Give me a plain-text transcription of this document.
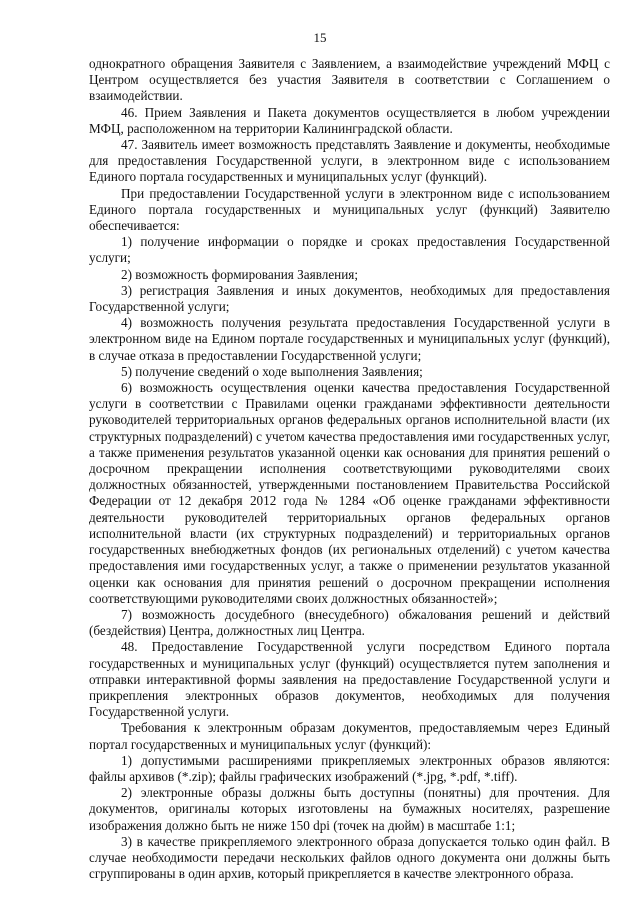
15

однократного обращения Заявителя с Заявлением, а взаимодействие учреждений МФЦ с Центром осуществляется без участия Заявителя в соответствии с Соглашением о взаимодействии.

46. Прием Заявления и Пакета документов осуществляется в любом учреждении МФЦ, расположенном на территории Калининградской области.

47. Заявитель имеет возможность представлять Заявление и документы, необходимые для предоставления Государственной услуги, в электронном виде с использованием Единого портала государственных и муниципальных услуг (функций).

При предоставлении Государственной услуги в электронном виде с использованием Единого портала государственных и муниципальных услуг (функций) Заявителю обеспечивается:

1) получение информации о порядке и сроках предоставления Государственной услуги;

2) возможность формирования Заявления;

3) регистрация Заявления и иных документов, необходимых для предоставления Государственной услуги;

4) возможность получения результата предоставления Государственной услуги в электронном виде на Едином портале государственных и муниципальных услуг (функций), в случае отказа в предоставлении Государственной услуги;

5) получение сведений о ходе выполнения Заявления;

6) возможность осуществления оценки качества предоставления Государственной услуги в соответствии с Правилами оценки гражданами эффективности деятельности руководителей территориальных органов федеральных органов исполнительной власти (их структурных подразделений) с учетом качества предоставления ими государственных услуг, а также применения результатов указанной оценки как основания для принятия решений о досрочном прекращении исполнения соответствующими руководителями своих должностных обязанностей, утвержденными постановлением Правительства Российской Федерации от 12 декабря 2012 года № 1284 «Об оценке гражданами эффективности деятельности руководителей территориальных органов федеральных органов исполнительной власти (их структурных подразделений) и территориальных органов государственных внебюджетных фондов (их региональных отделений) с учетом качества предоставления ими государственных услуг, а также о применении результатов указанной оценки как основания для принятия решений о досрочном прекращении исполнения соответствующими руководителями своих должностных обязанностей»;

7) возможность досудебного (внесудебного) обжалования решений и действий (бездействия) Центра, должностных лиц Центра.

48. Предоставление Государственной услуги посредством Единого портала государственных и муниципальных услуг (функций) осуществляется путем заполнения и отправки интерактивной формы заявления на предоставление Государственной услуги и прикрепления электронных образов документов, необходимых для получения Государственной услуги.

Требования к электронным образам документов, предоставляемым через Единый портал государственных и муниципальных услуг (функций):

1) допустимыми расширениями прикрепляемых электронных образов являются: файлы архивов (*.zip); файлы графических изображений (*.jpg, *.pdf, *.tiff).

2) электронные образы должны быть доступны (понятны) для прочтения. Для документов, оригиналы которых изготовлены на бумажных носителях, разрешение изображения должно быть не ниже 150 dpi (точек на дюйм) в масштабе 1:1;

3) в качестве прикрепляемого электронного образа допускается только один файл. В случае необходимости передачи нескольких файлов одного документа они должны быть сгруппированы в один архив, который прикрепляется в качестве электронного образа.
